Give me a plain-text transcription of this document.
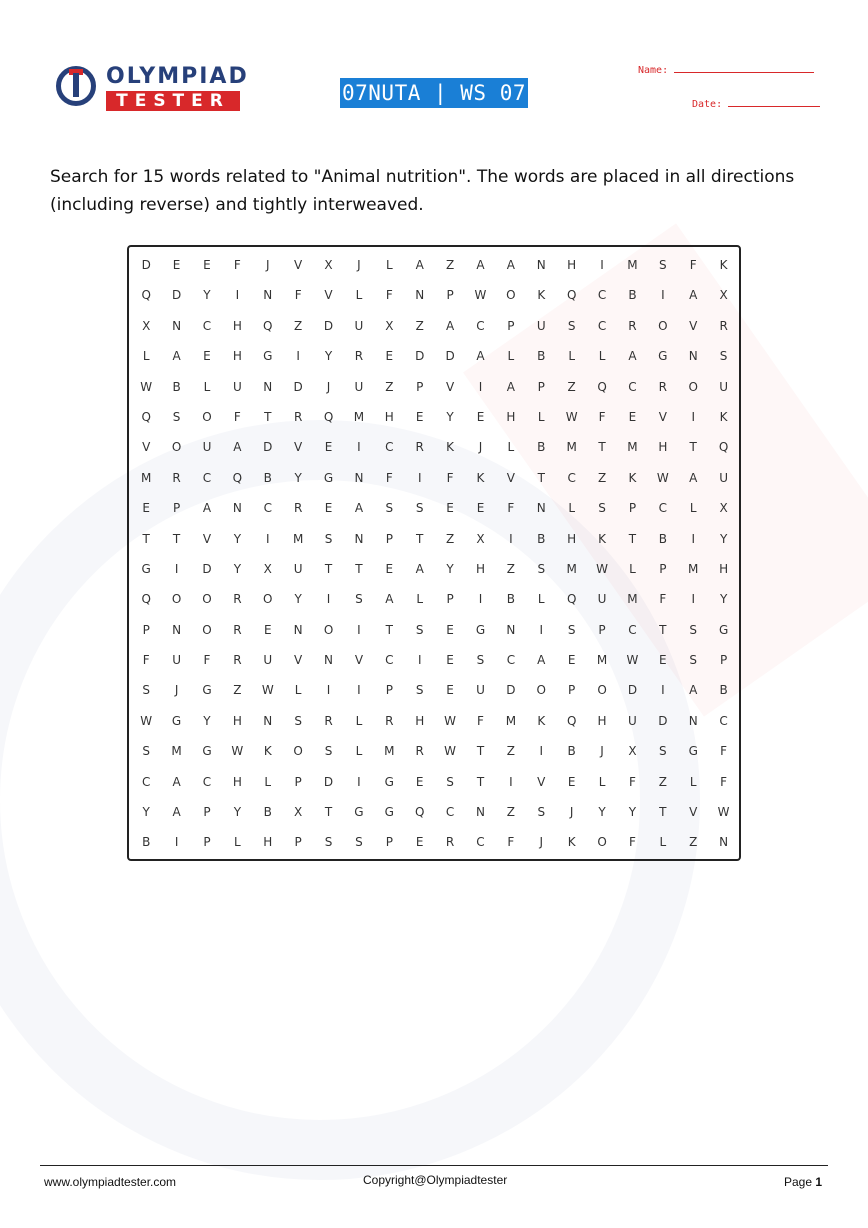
OLYMPIAD
TESTER	07NUTA | WS 07
Name:
Date:
Search for 15 words related to "Animal nutrition". The words are placed in all directions (including reverse) and tightly interweaved.
D	E	E	F	J	V	X	J	L	A	Z	A	A	N	H	I	M	S	F	K
Q	D	Y	I	N	F	V	L	F	N	P	W	O	K	Q	C	B	I	A	X
X	N	C	H	Q	Z	D	U	X	Z	A	C	P	U	S	C	R	O	V	R
L	A	E	H	G	I	Y	R	E	D	D	A	L	B	L	L	A	G	N	S
W	B	L	U	N	D	J	U	Z	P	V	I	A	P	Z	Q	C	R	O	U
Q	S	O	F	T	R	Q	M	H	E	Y	E	H	L	W	F	E	V	I	K
V	O	U	A	D	V	E	I	C	R	K	J	L	B	M	T	M	H	T	Q
M	R	C	Q	B	Y	G	N	F	I	F	K	V	T	C	Z	K	W	A	U
E	P	A	N	C	R	E	A	S	S	E	E	F	N	L	S	P	C	L	X
T	T	V	Y	I	M	S	N	P	T	Z	X	I	B	H	K	T	B	I	Y
G	I	D	Y	X	U	T	T	E	A	Y	H	Z	S	M	W	L	P	M	H
Q	O	O	R	O	Y	I	S	A	L	P	I	B	L	Q	U	M	F	I	Y
P	N	O	R	E	N	O	I	T	S	E	G	N	I	S	P	C	T	S	G
F	U	F	R	U	V	N	V	C	I	E	S	C	A	E	M	W	E	S	P
S	J	G	Z	W	L	I	I	P	S	E	U	D	O	P	O	D	I	A	B
W	G	Y	H	N	S	R	L	R	H	W	F	M	K	Q	H	U	D	N	C
S	M	G	W	K	O	S	L	M	R	W	T	Z	I	B	J	X	S	G	F
C	A	C	H	L	P	D	I	G	E	S	T	I	V	E	L	F	Z	L	F
Y	A	P	Y	B	X	T	G	G	Q	C	N	Z	S	J	Y	Y	T	V	W
B	I	P	L	H	P	S	S	P	E	R	C	F	J	K	O	F	L	Z	N
www.olympiadtester.com	Copyright@Olympiadtester	Page 1
